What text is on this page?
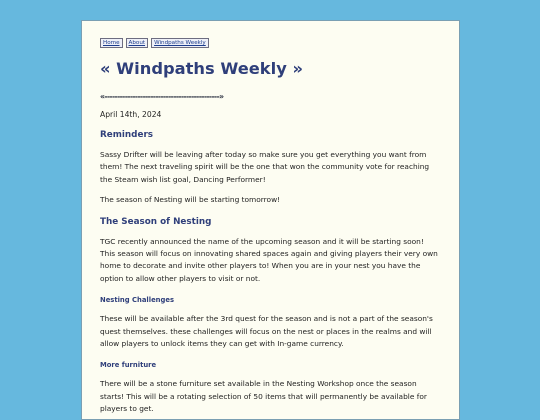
Home	About	Windpaths Weekly
« Windpaths Weekly »
«---------------------------------------------»
April 14th, 2024
Reminders

Sassy Drifter will be leaving after today so make sure you get everything you want from them! The next traveling spirit will be the one that won the community vote for reaching the Steam wish list goal, Dancing Performer!

The season of Nesting will be starting tomorrow!

The Season of Nesting

TGC recently announced the name of the upcoming season and it will be starting soon! This season will focus on innovating shared spaces again and giving players their very own home to decorate and invite other players to! When you are in your nest you have the option to allow other players to visit or not.

Nesting Challenges

These will be available after the 3rd quest for the season and is not a part of the season's quest themselves. these challenges will focus on the nest or places in the realms and will allow players to unlock items they can get with In-game currency.

More furniture

There will be a stone furniture set available in the Nesting Workshop once the season starts! This will be a rotating selection of 50 items that will permanently be available for players to get.
